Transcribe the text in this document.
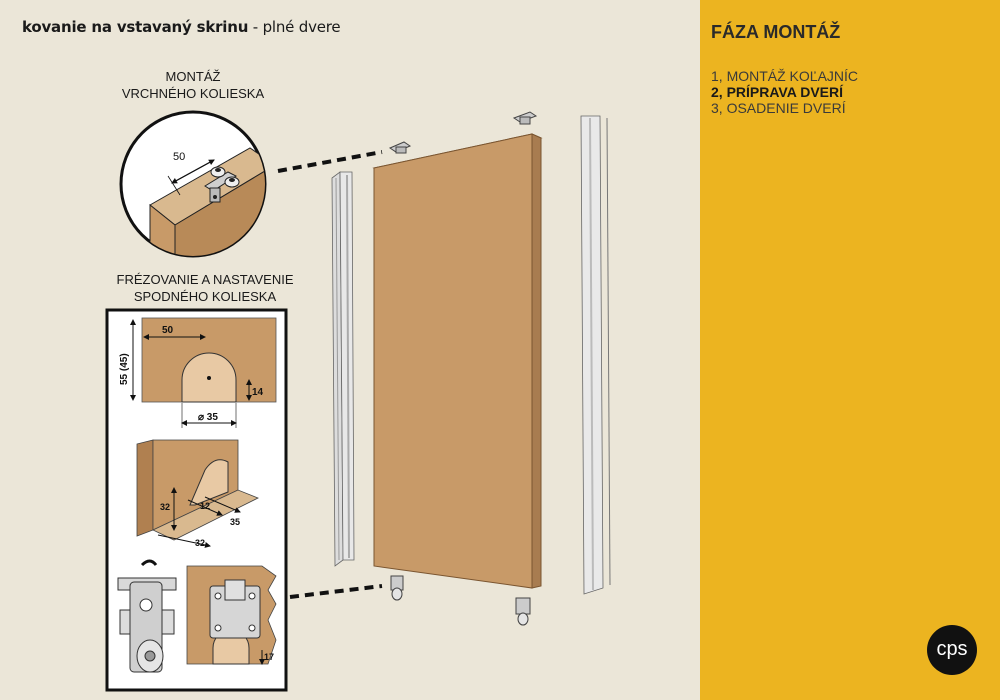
kovanie na vstavaný skrinu - plné dvere
50
50
55 (45)
14
⌀ 35
32	12
35
32
17
MONTÁŽ
VRCHNÉHO KOLIESKA
FRÉZOVANIE A NASTAVENIE
SPODNÉHO KOLIESKA
FÁZA MONTÁŽ
1, MONTÁŽ KOĽAJNÍC
2, PRÍPRAVA DVERÍ
3, OSADENIE DVERÍ
cps
